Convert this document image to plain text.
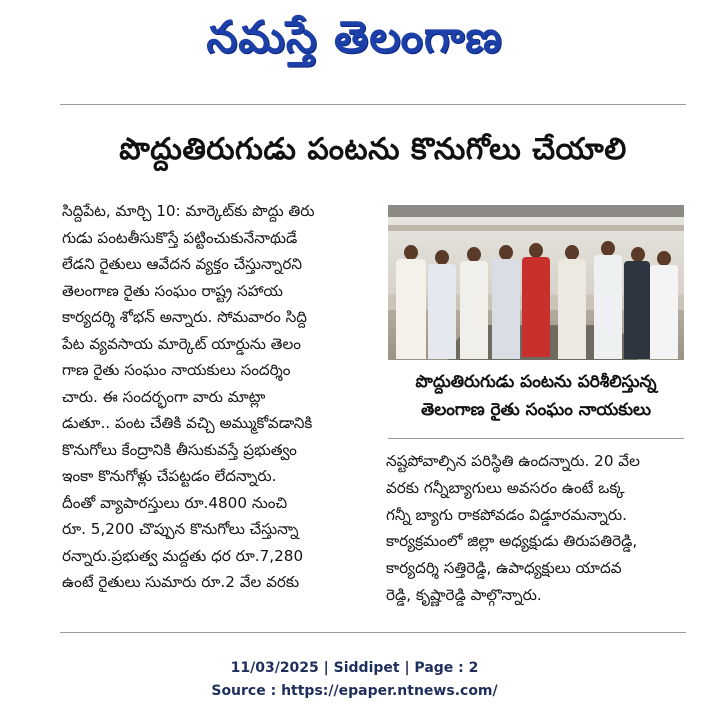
నమస్తే తెలంగాణ
పొద్దుతిరుగుడు పంటను కొనుగోలు చేయాలి

సిద్దిపేట, మార్చి 10: మార్కెట్‌కు పొద్దు తిరు

గుడు పంటతీసుకొస్తే పట్టించుకునేనాథుడే

లేడని రైతులు ఆవేదన వ్యక్తం చేస్తున్నారని

తెలంగాణ రైతు సంఘం రాష్ట్ర సహాయ

కార్యదర్శి శోభన్ అన్నారు. సోమవారం సిద్ది

పేట వ్యవసాయ మార్కెట్ యార్డును తెలం

గాణ రైతు సంఘం నాయకులు సందర్శిం

చారు. ఈ సందర్భంగా వారు మాట్లా

డుతూ.. పంట చేతికి వచ్చి అమ్ముకోవడానికి

కొనుగోలు కేంద్రానికి తీసుకువస్తే ప్రభుత్వం

ఇంకా కొనుగోళ్లు చేపట్టడం లేదన్నారు.

దీంతో వ్యాపారస్తులు రూ.4800 నుంచి

రూ. 5,200 చొప్పున కొనుగోలు చేస్తున్నా

రన్నారు.ప్రభుత్వ మద్దతు ధర రూ.7,280

ఉంటే రైతులు సుమారు రూ.2 వేల వరకు

పొద్దుతిరుగుడు పంటను పరిశీలిస్తున్న
తెలంగాణ రైతు సంఘం నాయకులు

నష్టపోవాల్సిన పరిస్థితి ఉందన్నారు. 20 వేల

వరకు గన్నీబ్యాగులు అవసరం ఉంటే ఒక్క

గన్నీ బ్యాగు రాకపోవడం విడ్డూరమన్నారు.

కార్యక్రమంలో జిల్లా అధ్యక్షుడు తిరుపతిరెడ్డి,

కార్యదర్శి సత్తిరెడ్డి, ఉపాధ్యక్షులు యాదవ

రెడ్డి, కృష్ణారెడ్డి పాల్గొన్నారు.

11/03/2025 | Siddipet | Page : 2
Source : https://epaper.ntnews.com/
